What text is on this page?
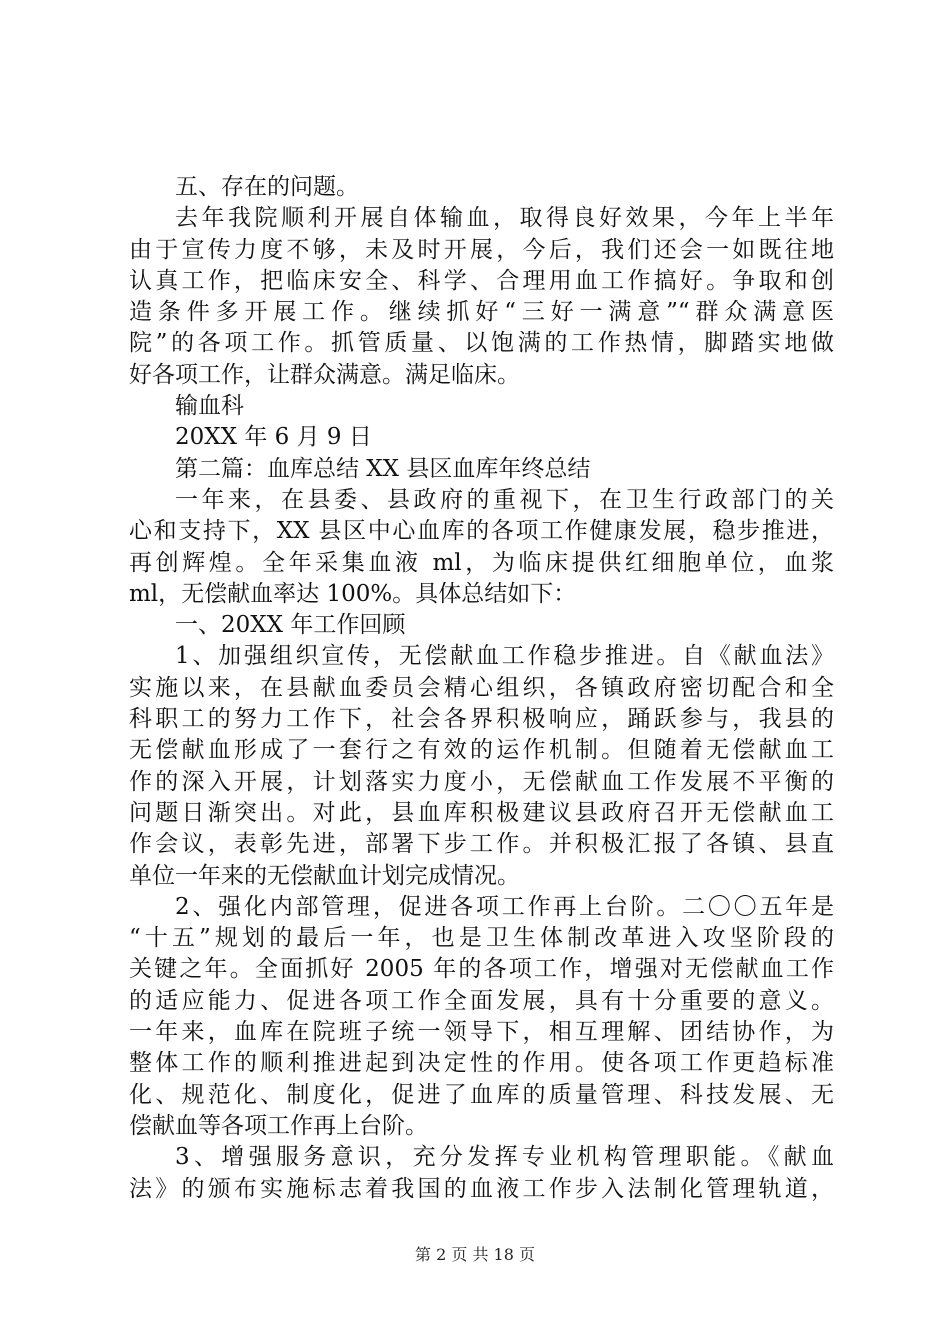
五、存在的问题。
去年我院顺利开展自体输血，取得良好效果，今年上半年
由于宣传力度不够，未及时开展，今后，我们还会一如既往地
认真工作，把临床安全、科学、合理用血工作搞好。争取和创
造条件多开展工作。继续抓好“三好一满意”“群众满意医
院”的各项工作。抓管质量、以饱满的工作热情，脚踏实地做
好各项工作，让群众满意。满足临床。
输血科
20XX 年 6 月 9 日
第二篇：血库总结 XX 县区血库年终总结
一年来，在县委、县政府的重视下，在卫生行政部门的关
心和支持下，XX 县区中心血库的各项工作健康发展，稳步推进，
再创辉煌。全年采集血液 ml，为临床提供红细胞单位，血浆
ml，无偿献血率达 100%。具体总结如下：
一、20XX 年工作回顾
1、加强组织宣传，无偿献血工作稳步推进。自《献血法》
实施以来，在县献血委员会精心组织，各镇政府密切配合和全
科职工的努力工作下，社会各界积极响应，踊跃参与，我县的
无偿献血形成了一套行之有效的运作机制。但随着无偿献血工
作的深入开展，计划落实力度小，无偿献血工作发展不平衡的
问题日渐突出。对此，县血库积极建议县政府召开无偿献血工
作会议，表彰先进，部署下步工作。并积极汇报了各镇、县直
单位一年来的无偿献血计划完成情况。
2、强化内部管理，促进各项工作再上台阶。二〇〇五年是
“十五”规划的最后一年，也是卫生体制改革进入攻坚阶段的
关键之年。全面抓好 2005 年的各项工作，增强对无偿献血工作
的适应能力、促进各项工作全面发展，具有十分重要的意义。
一年来，血库在院班子统一领导下，相互理解、团结协作，为
整体工作的顺利推进起到决定性的作用。使各项工作更趋标准
化、规范化、制度化，促进了血库的质量管理、科技发展、无
偿献血等各项工作再上台阶。
3、增强服务意识，充分发挥专业机构管理职能。《献血
法》的颁布实施标志着我国的血液工作步入法制化管理轨道，
第 2 页 共 18 页
